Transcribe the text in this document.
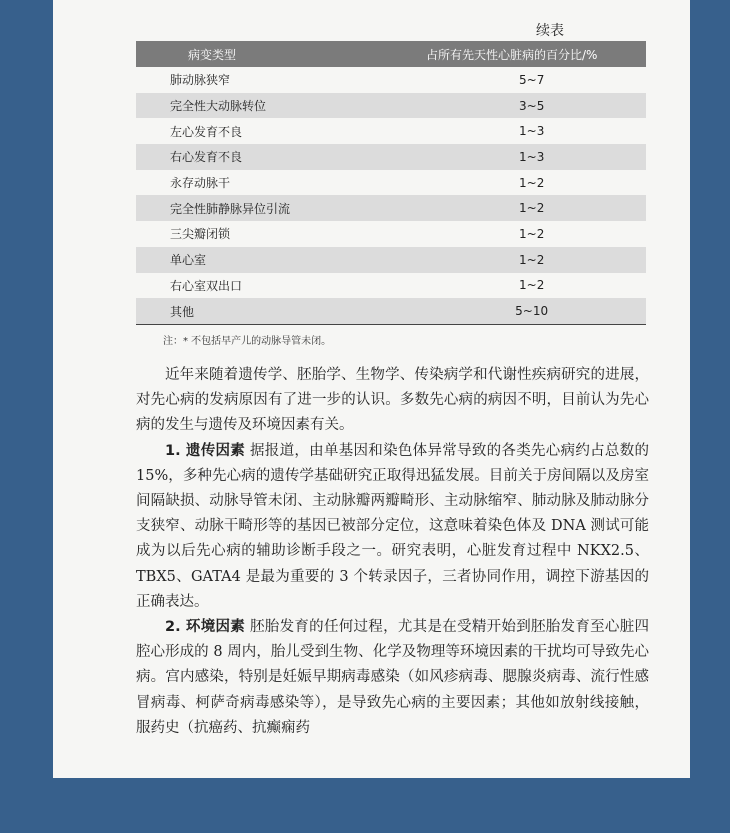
续表
病变类型	占所有先天性心脏病的百分比/%
肺动脉狭窄	5~7
完全性大动脉转位	3~5
左心发育不良	1~3
右心发育不良	1~3
永存动脉干	1~2
完全性肺静脉异位引流	1~2
三尖瓣闭锁	1~2
单心室	1~2
右心室双出口	1~2
其他	5~10
注：* 不包括早产儿的动脉导管未闭。

近年来随着遗传学、胚胎学、生物学、传染病学和代谢性疾病研究的进展，对先心病的发病原因有了进一步的认识。多数先心病的病因不明，目前认为先心病的发生与遗传及环境因素有关。

1. 遗传因素 据报道，由单基因和染色体异常导致的各类先心病约占总数的 15%，多种先心病的遗传学基础研究正取得迅猛发展。目前关于房间隔以及房室间隔缺损、动脉导管未闭、主动脉瓣两瓣畸形、主动脉缩窄、肺动脉及肺动脉分支狭窄、动脉干畸形等的基因已被部分定位，这意味着染色体及 DNA 测试可能成为以后先心病的辅助诊断手段之一。研究表明，心脏发育过程中 NKX2.5、TBX5、GATA4 是最为重要的 3 个转录因子，三者协同作用，调控下游基因的正确表达。

2. 环境因素 胚胎发育的任何过程，尤其是在受精开始到胚胎发育至心脏四腔心形成的 8 周内，胎儿受到生物、化学及物理等环境因素的干扰均可导致先心病。宫内感染，特别是妊娠早期病毒感染（如风疹病毒、腮腺炎病毒、流行性感冒病毒、柯萨奇病毒感染等），是导致先心病的主要因素；其他如放射线接触，服药史（抗癌药、抗癫痫药
